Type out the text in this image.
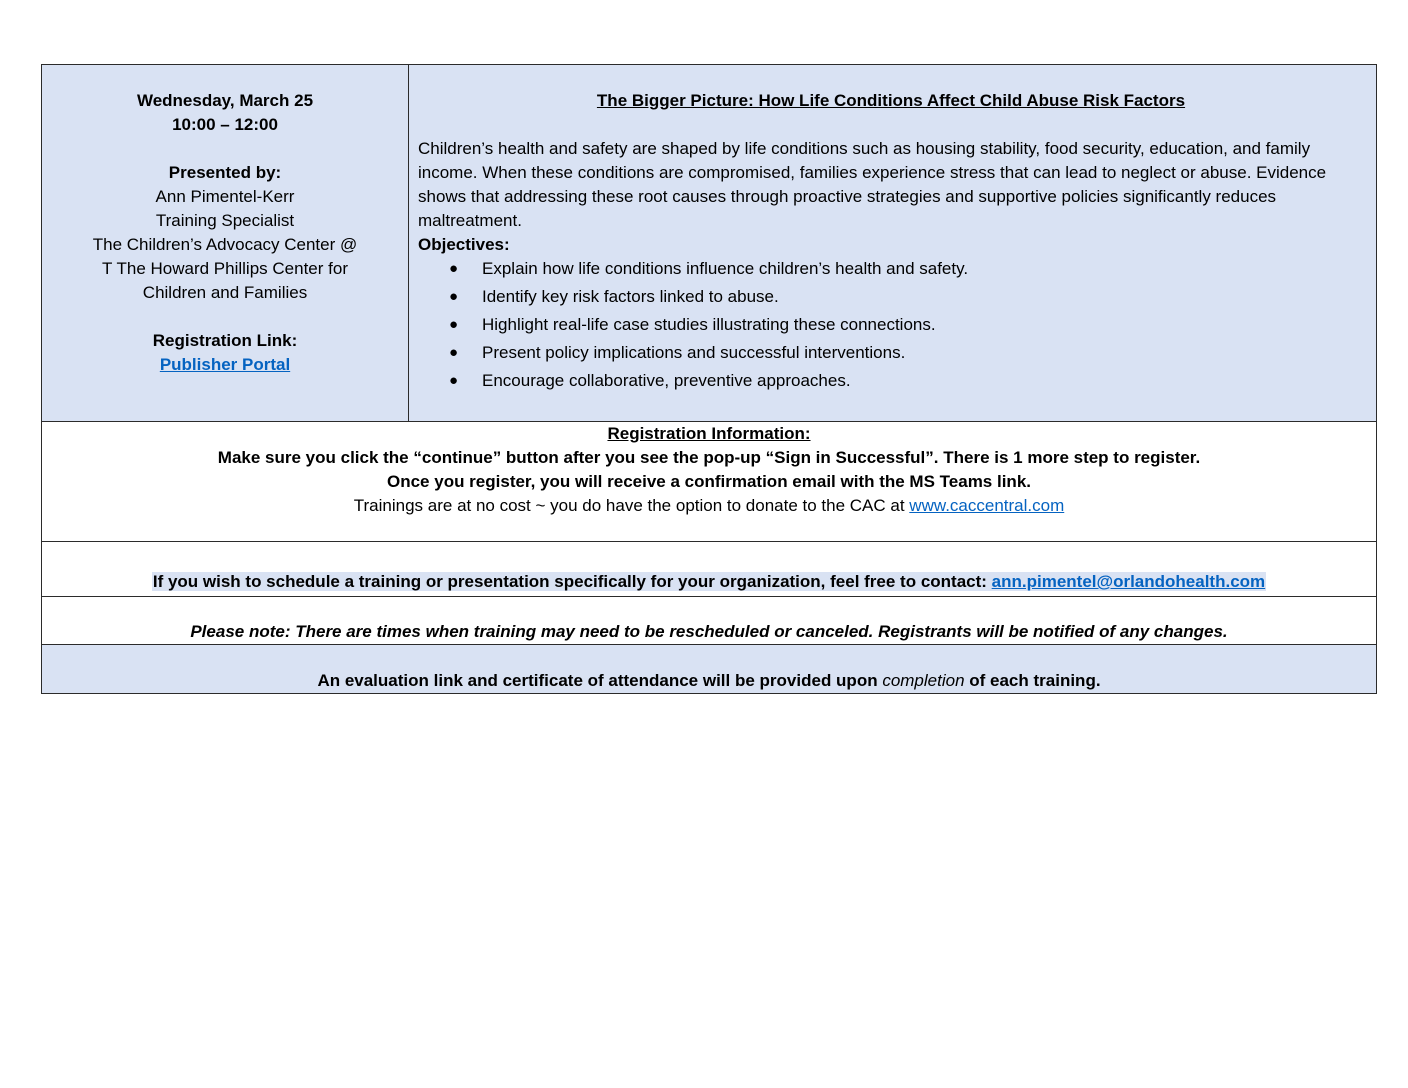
Wednesday, March 25
10:00 – 12:00
Presented by:
Ann Pimentel-Kerr
Training Specialist
The Children’s Advocacy Center @
T The Howard Phillips Center for
Children and Families
Registration Link:
Publisher Portal

The Bigger Picture: How Life Conditions Affect Child Abuse Risk Factors
Children’s health and safety are shaped by life conditions such as housing stability, food security, education, and family income. When these conditions are compromised, families experience stress that can lead to neglect or abuse. Evidence shows that addressing these root causes through proactive strategies and supportive policies significantly reduces maltreatment.
Objectives:
● Explain how life conditions influence children’s health and safety.
● Identify key risk factors linked to abuse.
● Highlight real-life case studies illustrating these connections.
● Present policy implications and successful interventions.
● Encourage collaborative, preventive approaches.

Registration Information:
Make sure you click the “continue” button after you see the pop-up “Sign in Successful”. There is 1 more step to register.
Once you register, you will receive a confirmation email with the MS Teams link.
Trainings are at no cost ~ you do have the option to donate to the CAC at www.caccentral.com

If you wish to schedule a training or presentation specifically for your organization, feel free to contact: ann.pimentel@orlandohealth.com

Please note: There are times when training may need to be rescheduled or canceled. Registrants will be notified of any changes.

An evaluation link and certificate of attendance will be provided upon completion of each training.
